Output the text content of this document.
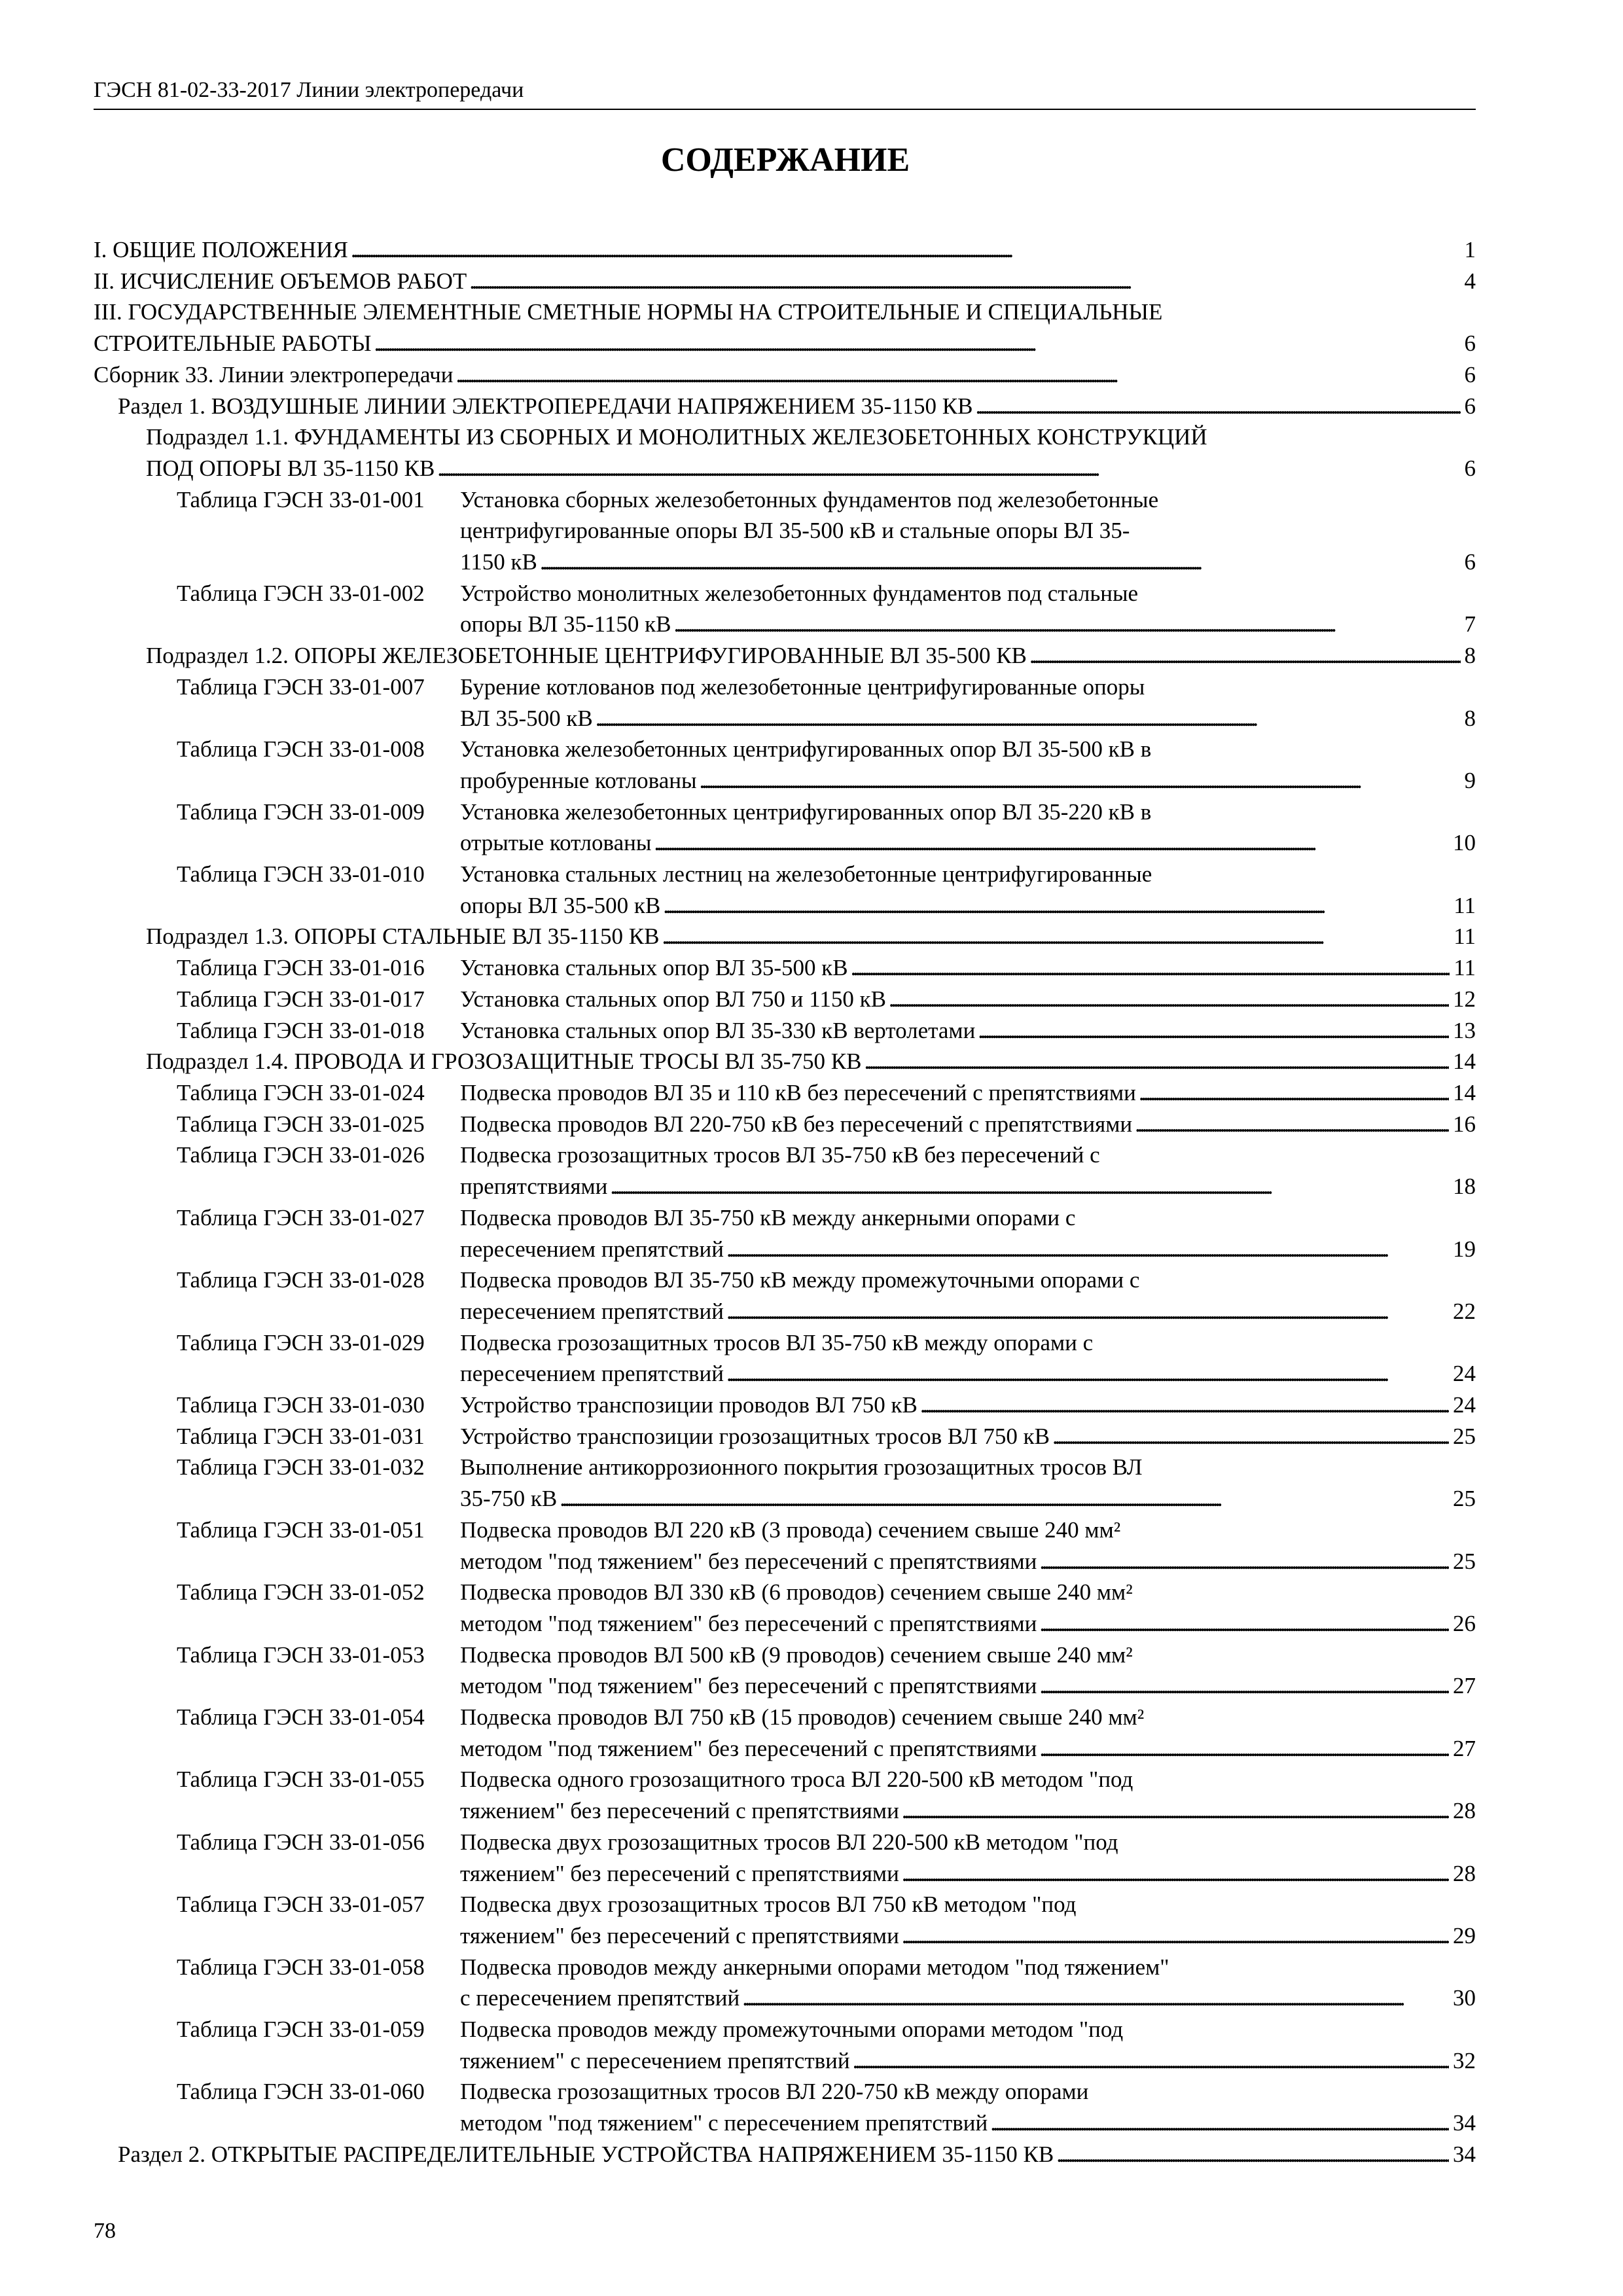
ГЭСН 81-02-33-2017 Линии электропередачи
СОДЕРЖАНИЕ
I. ОБЩИЕ ПОЛОЖЕНИЯ . . .	1
II. ИСЧИСЛЕНИЕ ОБЪЕМОВ РАБОТ . . .	4
III. ГОСУДАРСТВЕННЫЕ ЭЛЕМЕНТНЫЕ СМЕТНЫЕ НОРМЫ НА СТРОИТЕЛЬНЫЕ И СПЕЦИАЛЬНЫЕ
СТРОИТЕЛЬНЫЕ РАБОТЫ . . .	6
Сборник 33. Линии электропередачи . . .	6
Раздел 1. ВОЗДУШНЫЕ ЛИНИИ ЭЛЕКТРОПЕРЕДАЧИ НАПРЯЖЕНИЕМ 35-1150 КВ . . .	6
Подраздел 1.1. ФУНДАМЕНТЫ ИЗ СБОРНЫХ И МОНОЛИТНЫХ ЖЕЛЕЗОБЕТОННЫХ КОНСТРУКЦИЙ
ПОД ОПОРЫ ВЛ 35-1150 КВ . . .	6
Таблица ГЭСН 33-01-001 Установка сборных железобетонных фундаментов под железобетонные
центрифугированные опоры ВЛ 35-500 кВ и стальные опоры ВЛ 35-
1150 кВ . . .	6
Таблица ГЭСН 33-01-002 Устройство монолитных железобетонных фундаментов под стальные
опоры ВЛ 35-1150 кВ . . .	7
Подраздел 1.2. ОПОРЫ ЖЕЛЕЗОБЕТОННЫЕ ЦЕНТРИФУГИРОВАННЫЕ ВЛ 35-500 КВ . . .	8
Таблица ГЭСН 33-01-007 Бурение котлованов под железобетонные центрифугированные опоры
ВЛ 35-500 кВ . . .	8
Таблица ГЭСН 33-01-008 Установка железобетонных центрифугированных опор ВЛ 35-500 кВ в
пробуренные котлованы . . .	9
Таблица ГЭСН 33-01-009 Установка железобетонных центрифугированных опор ВЛ 35-220 кВ в
отрытые котлованы . . .	10
Таблица ГЭСН 33-01-010 Установка стальных лестниц на железобетонные центрифугированные
опоры ВЛ 35-500 кВ . . .	11
Подраздел 1.3. ОПОРЫ СТАЛЬНЫЕ ВЛ 35-1150 КВ . . .	11
Таблица ГЭСН 33-01-016 Установка стальных опор ВЛ 35-500 кВ . . .	11
Таблица ГЭСН 33-01-017 Установка стальных опор ВЛ 750 и 1150 кВ . . .	12
Таблица ГЭСН 33-01-018 Установка стальных опор ВЛ 35-330 кВ вертолетами . . .	13
Подраздел 1.4. ПРОВОДА И ГРОЗОЗАЩИТНЫЕ ТРОСЫ ВЛ 35-750 КВ . . .	14
Таблица ГЭСН 33-01-024 Подвеска проводов ВЛ 35 и 110 кВ без пересечений с препятствиями . . .	14
Таблица ГЭСН 33-01-025 Подвеска проводов ВЛ 220-750 кВ без пересечений с препятствиями . . .	16
Таблица ГЭСН 33-01-026 Подвеска грозозащитных тросов ВЛ 35-750 кВ без пересечений с
препятствиями . . .	18
Таблица ГЭСН 33-01-027 Подвеска проводов ВЛ 35-750 кВ между анкерными опорами с
пересечением препятствий . . .	19
Таблица ГЭСН 33-01-028 Подвеска проводов ВЛ 35-750 кВ между промежуточными опорами с
пересечением препятствий . . .	22
Таблица ГЭСН 33-01-029 Подвеска грозозащитных тросов ВЛ 35-750 кВ между опорами с
пересечением препятствий . . .	24
Таблица ГЭСН 33-01-030 Устройство транспозиции проводов ВЛ 750 кВ . . .	24
Таблица ГЭСН 33-01-031 Устройство транспозиции грозозащитных тросов ВЛ 750 кВ . . .	25
Таблица ГЭСН 33-01-032 Выполнение антикоррозионного покрытия грозозащитных тросов ВЛ
35-750 кВ . . .	25
Таблица ГЭСН 33-01-051 Подвеска проводов ВЛ 220 кВ (3 провода) сечением свыше 240 мм²
методом "под тяжением" без пересечений с препятствиями . . .	25
Таблица ГЭСН 33-01-052 Подвеска проводов ВЛ 330 кВ (6 проводов) сечением свыше 240 мм²
методом "под тяжением" без пересечений с препятствиями . . .	26
Таблица ГЭСН 33-01-053 Подвеска проводов ВЛ 500 кВ (9 проводов) сечением свыше 240 мм²
методом "под тяжением" без пересечений с препятствиями . . .	27
Таблица ГЭСН 33-01-054 Подвеска проводов ВЛ 750 кВ (15 проводов) сечением свыше 240 мм²
методом "под тяжением" без пересечений с препятствиями . . .	27
Таблица ГЭСН 33-01-055 Подвеска одного грозозащитного троса ВЛ 220-500 кВ методом "под
тяжением" без пересечений с препятствиями . . .	28
Таблица ГЭСН 33-01-056 Подвеска двух грозозащитных тросов ВЛ 220-500 кВ методом "под
тяжением" без пересечений с препятствиями . . .	28
Таблица ГЭСН 33-01-057 Подвеска двух грозозащитных тросов ВЛ 750 кВ методом "под
тяжением" без пересечений с препятствиями . . .	29
Таблица ГЭСН 33-01-058 Подвеска проводов между анкерными опорами методом "под тяжением"
с пересечением препятствий . . .	30
Таблица ГЭСН 33-01-059 Подвеска проводов между промежуточными опорами методом "под
тяжением" с пересечением препятствий . . .	32
Таблица ГЭСН 33-01-060 Подвеска грозозащитных тросов ВЛ 220-750 кВ между опорами
методом "под тяжением" с пересечением препятствий . . .	34
Раздел 2. ОТКРЫТЫЕ РАСПРЕДЕЛИТЕЛЬНЫЕ УСТРОЙСТВА НАПРЯЖЕНИЕМ 35-1150 КВ . . .	34
78
